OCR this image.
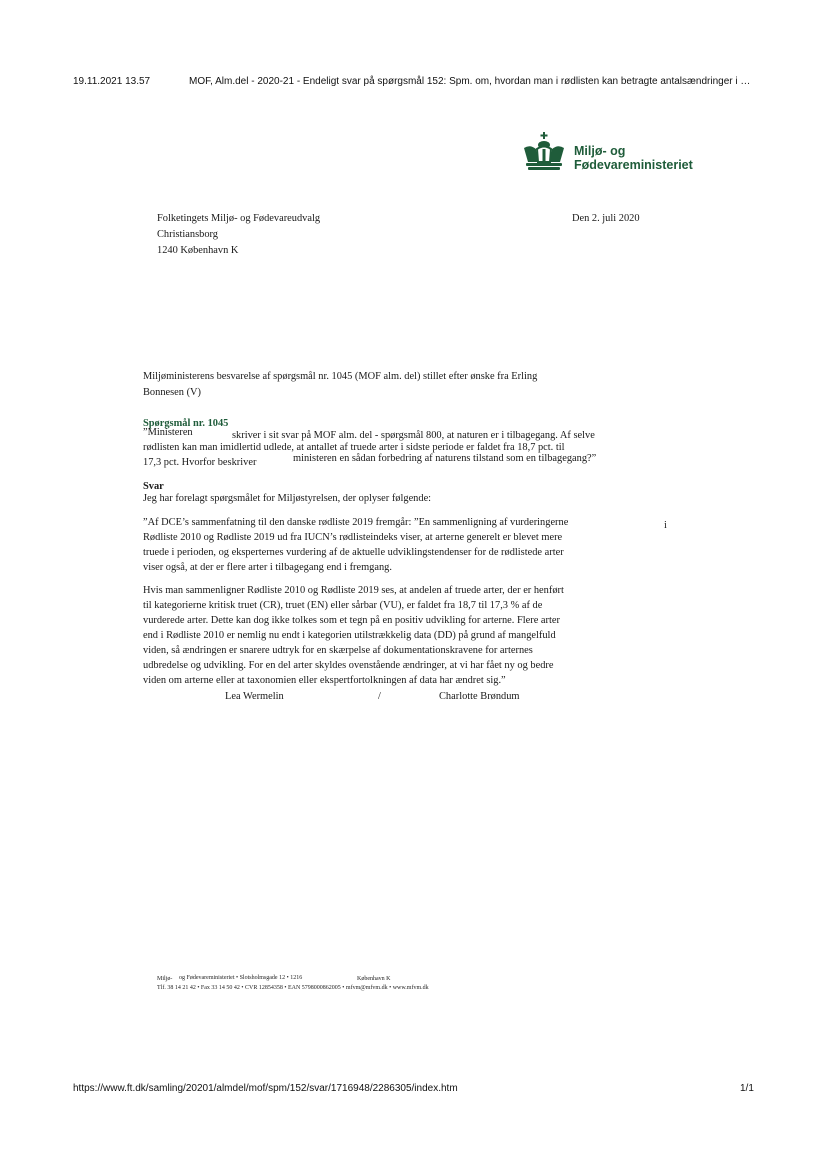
19.11.2021 13.57	MOF, Alm.del - 2020-21 - Endeligt svar på spørgsmål 152: Spm. om, hvordan man i rødlisten kan betragte antalsændringer i …
Miljø- og
Fødevareministeriet
Folketingets Miljø- og Fødevareudvalg
Christiansborg
1240 København K
Den 2. juli 2020
Miljøministerens besvarelse af spørgsmål nr. 1045 (MOF alm. del) stillet efter ønske fra Erling
Bonnesen (V)
Spørgsmål nr. 1045
”Ministeren	skriver i sit svar på MOF alm. del - spørgsmål 800, at naturen er i tilbagegang. Af selve
rødlisten kan man imidlertid udlede, at antallet af truede arter i sidste periode er faldet fra 18,7 pct. til
17,3 pct. Hvorfor beskriver	ministeren en sådan forbedring af naturens tilstand som en tilbagegang?”
Svar
Jeg har forelagt spørgsmålet for Miljøstyrelsen, der oplyser følgende:
”Af DCE’s sammenfatning til den danske rødliste 2019 fremgår: ”En sammenligning af vurderingerne
Rødliste 2010 og Rødliste 2019 ud fra IUCN’s rødlisteindeks viser, at arterne generelt er blevet mere
truede i perioden, og eksperternes vurdering af de aktuelle udviklingstendenser for de rødlistede arter
viser også, at der er flere arter i tilbagegang end i fremgang.
i
Hvis man sammenligner Rødliste 2010 og Rødliste 2019 ses, at andelen af truede arter, der er henført
til kategorierne kritisk truet (CR), truet (EN) eller sårbar (VU), er faldet fra 18,7 til 17,3 % af de
vurderede arter. Dette kan dog ikke tolkes som et tegn på en positiv udvikling for arterne. Flere arter
end i Rødliste 2010 er nemlig nu endt i kategorien utilstrækkelig data (DD) på grund af mangelfuld
viden, så ændringen er snarere udtryk for en skærpelse af dokumentationskravene for arternes
udbredelse og udvikling. For en del arter skyldes ovenstående ændringer, at vi har fået ny og bedre
viden om arterne eller at taxonomien eller ekspertfortolkningen af data har ændret sig.”
Lea Wermelin	/	Charlotte Brøndum
Miljø- og Fødevareministeriet • Slotsholmsgade 12 • 1216	København K
Tlf. 38 14 21 42 • Fax 33 14 50 42 • CVR 12854358 • EAN 5798000862005 • mfvm@mfvm.dk • www.mfvm.dk
https://www.ft.dk/samling/20201/almdel/mof/spm/152/svar/1716948/2286305/index.htm	1/1
